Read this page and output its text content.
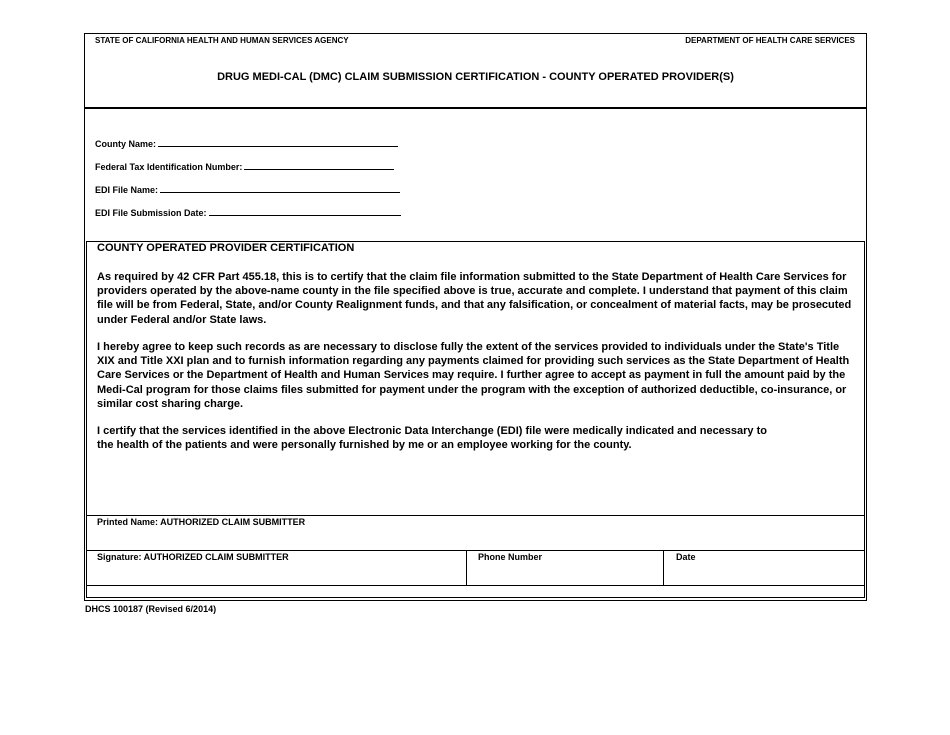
STATE OF CALIFORNIA HEALTH AND HUMAN SERVICES AGENCY	DEPARTMENT OF HEALTH CARE SERVICES
DRUG MEDI-CAL (DMC) CLAIM SUBMISSION CERTIFICATION - COUNTY OPERATED PROVIDER(S)
County Name:
Federal Tax Identification Number:
EDI File Name:
EDI File Submission Date:
COUNTY OPERATED PROVIDER CERTIFICATION
As required by 42 CFR Part 455.18, this is to certify that the claim file information submitted to the State Department of Health Care Services for providers operated by the above-name county in the file specified above is true, accurate and complete. I understand that payment of this claim file will be from Federal, State, and/or County Realignment funds, and that any falsification, or concealment of material facts, may be prosecuted under Federal and/or State laws.
I hereby agree to keep such records as are necessary to disclose fully the extent of the services provided to individuals under the State's Title XIX and Title XXI plan and to furnish information regarding any payments claimed for providing such services as the State Department of Health Care Services or the Department of Health and Human Services may require. I further agree to accept as payment in full the amount paid by the Medi-Cal program for those claims files submitted for payment under the program with the exception of authorized deductible, co-insurance, or similar cost sharing charge.
I certify that the services identified in the above Electronic Data Interchange (EDI) file were medically indicated and necessary to the health of the patients and were personally furnished by me or an employee working for the county.
Printed Name: AUTHORIZED CLAIM SUBMITTER
Signature: AUTHORIZED CLAIM SUBMITTER	Phone Number	Date
DHCS 100187 (Revised 6/2014)
